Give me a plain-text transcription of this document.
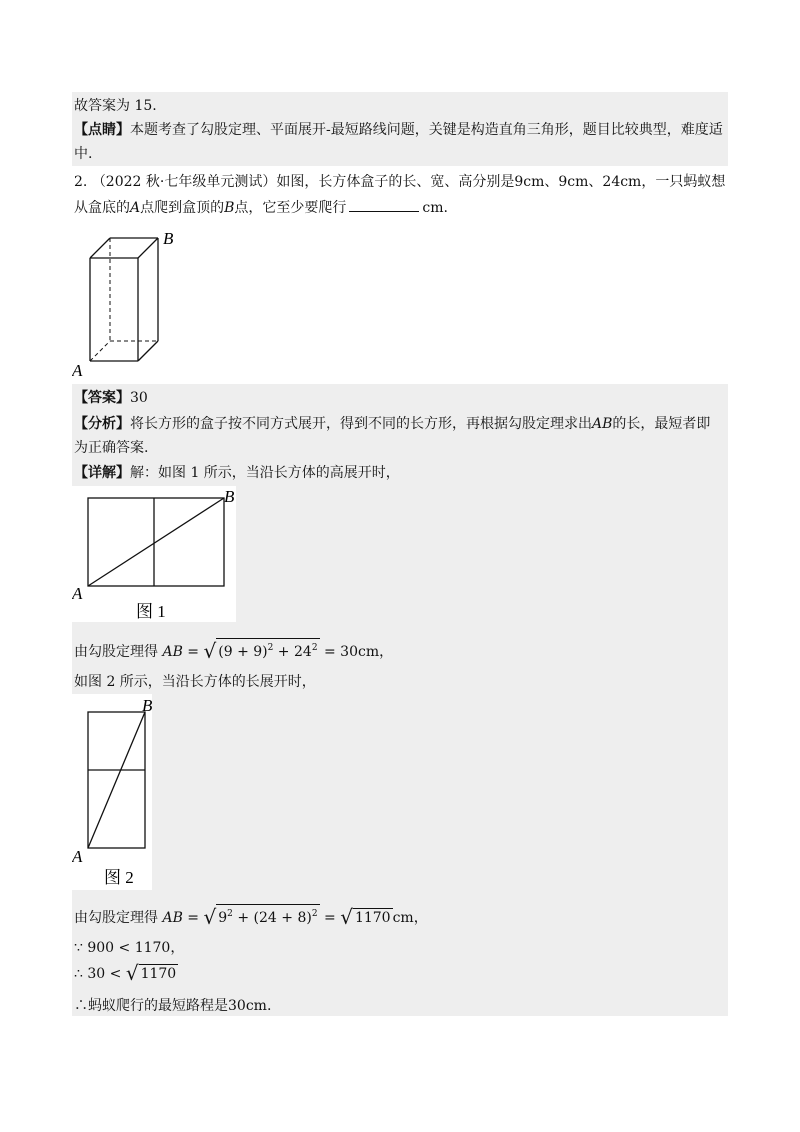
故答案为 15.
【点睛】本题考查了勾股定理、平面展开-最短路线问题，关键是构造直角三角形，题目比较典型，难度适
中.
2. （2022 秋·七年级单元测试）如图，长方体盒子的长、宽、高分别是9cm、9cm、24cm，一只蚂蚁想
从盒底的A点爬到盒顶的B点，它至少要爬行	cm.
B
A
【答案】30
【分析】将长方形的盒子按不同方式展开，得到不同的长方形，再根据勾股定理求出AB的长，最短者即
为正确答案.
【详解】解：如图 1 所示，当沿长方体的高展开时，
B
A
图 1
由勾股定理得 AB = √ $(9 + 9)^2 + 24^2 = 30cm$，
如图 2 所示，当沿长方体的长展开时，
B
A
图 2
由勾股定理得 AB = √ $9^2 + (24 + 8)^2$ = √ 1170 cm，
∵ 900 < 1170，
∴ 30 < √ 1170
∴蚂蚁爬行的最短路程是30cm.
